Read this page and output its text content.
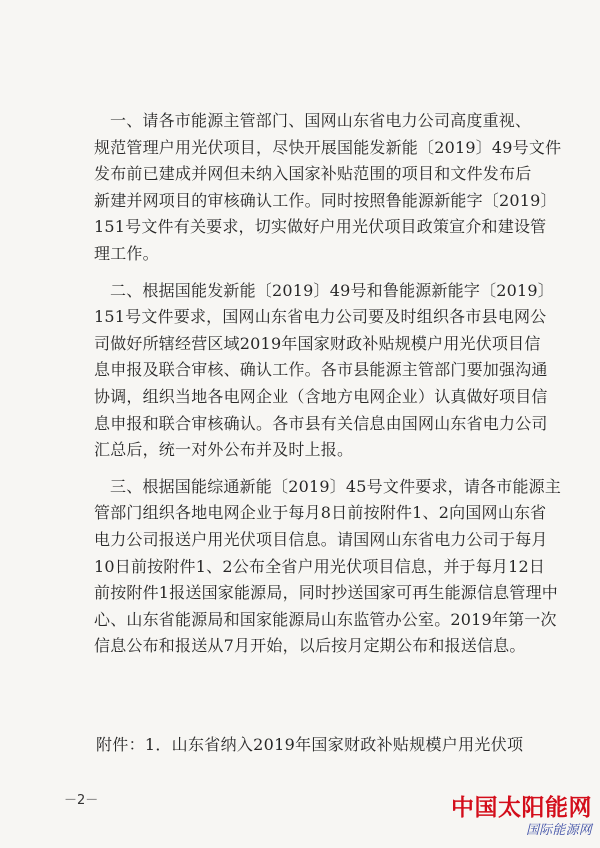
一、请各市能源主管部门、国网山东省电力公司高度重视、
规范管理户用光伏项目，尽快开展国能发新能〔2019〕49号文件
发布前已建成并网但未纳入国家补贴范围的项目和文件发布后
新建并网项目的审核确认工作。同时按照鲁能源新能字〔2019〕
151号文件有关要求，切实做好户用光伏项目政策宣介和建设管
理工作。

二、根据国能发新能〔2019〕49号和鲁能源新能字〔2019〕
151号文件要求，国网山东省电力公司要及时组织各市县电网公
司做好所辖经营区域2019年国家财政补贴规模户用光伏项目信
息申报及联合审核、确认工作。各市县能源主管部门要加强沟通
协调，组织当地各电网企业（含地方电网企业）认真做好项目信
息申报和联合审核确认。各市县有关信息由国网山东省电力公司
汇总后，统一对外公布并及时上报。

三、根据国能综通新能〔2019〕45号文件要求，请各市能源主
管部门组织各地电网企业于每月8日前按附件1、2向国网山东省
电力公司报送户用光伏项目信息。请国网山东省电力公司于每月
10日前按附件1、2公布全省户用光伏项目信息，并于每月12日
前按附件1报送国家能源局，同时抄送国家可再生能源信息管理中
心、山东省能源局和国家能源局山东监管办公室。2019年第一次
信息公布和报送从7月开始，以后按月定期公布和报送信息。

附件：1．山东省纳入2019年国家财政补贴规模户用光伏项
－2－	中国太阳能网
国际能源网
